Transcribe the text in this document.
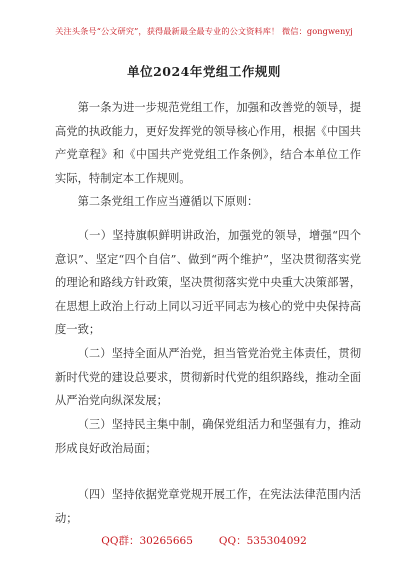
关注头条号“公文研究”，获得最新最全最专业的公文资料库！ 微信：gongwenyj
单位2024年党组工作规则

第一条为进一步规范党组工作，加强和改善党的领导，提高党的执政能力，更好发挥党的领导核心作用，根据《中国共产党章程》和《中国共产党党组工作条例》，结合本单位工作实际，特制定本工作规则。

第二条党组工作应当遵循以下原则：

（一）坚持旗帜鲜明讲政治，加强党的领导，增强“四个意识”、坚定“四个自信”、做到“两个维护”，坚决贯彻落实党的理论和路线方针政策，坚决贯彻落实党中央重大决策部署，在思想上政治上行动上同以习近平同志为核心的党中央保持高度一致；

（二）坚持全面从严治党，担当管党治党主体责任，贯彻新时代党的建设总要求，贯彻新时代党的组织路线，推动全面从严治党向纵深发展；

（三）坚持民主集中制，确保党组活力和坚强有力，推动形成良好政治局面；

（四）坚持依据党章党规开展工作，在宪法法律范围内活动；

QQ群：30265665 QQ：535304092
